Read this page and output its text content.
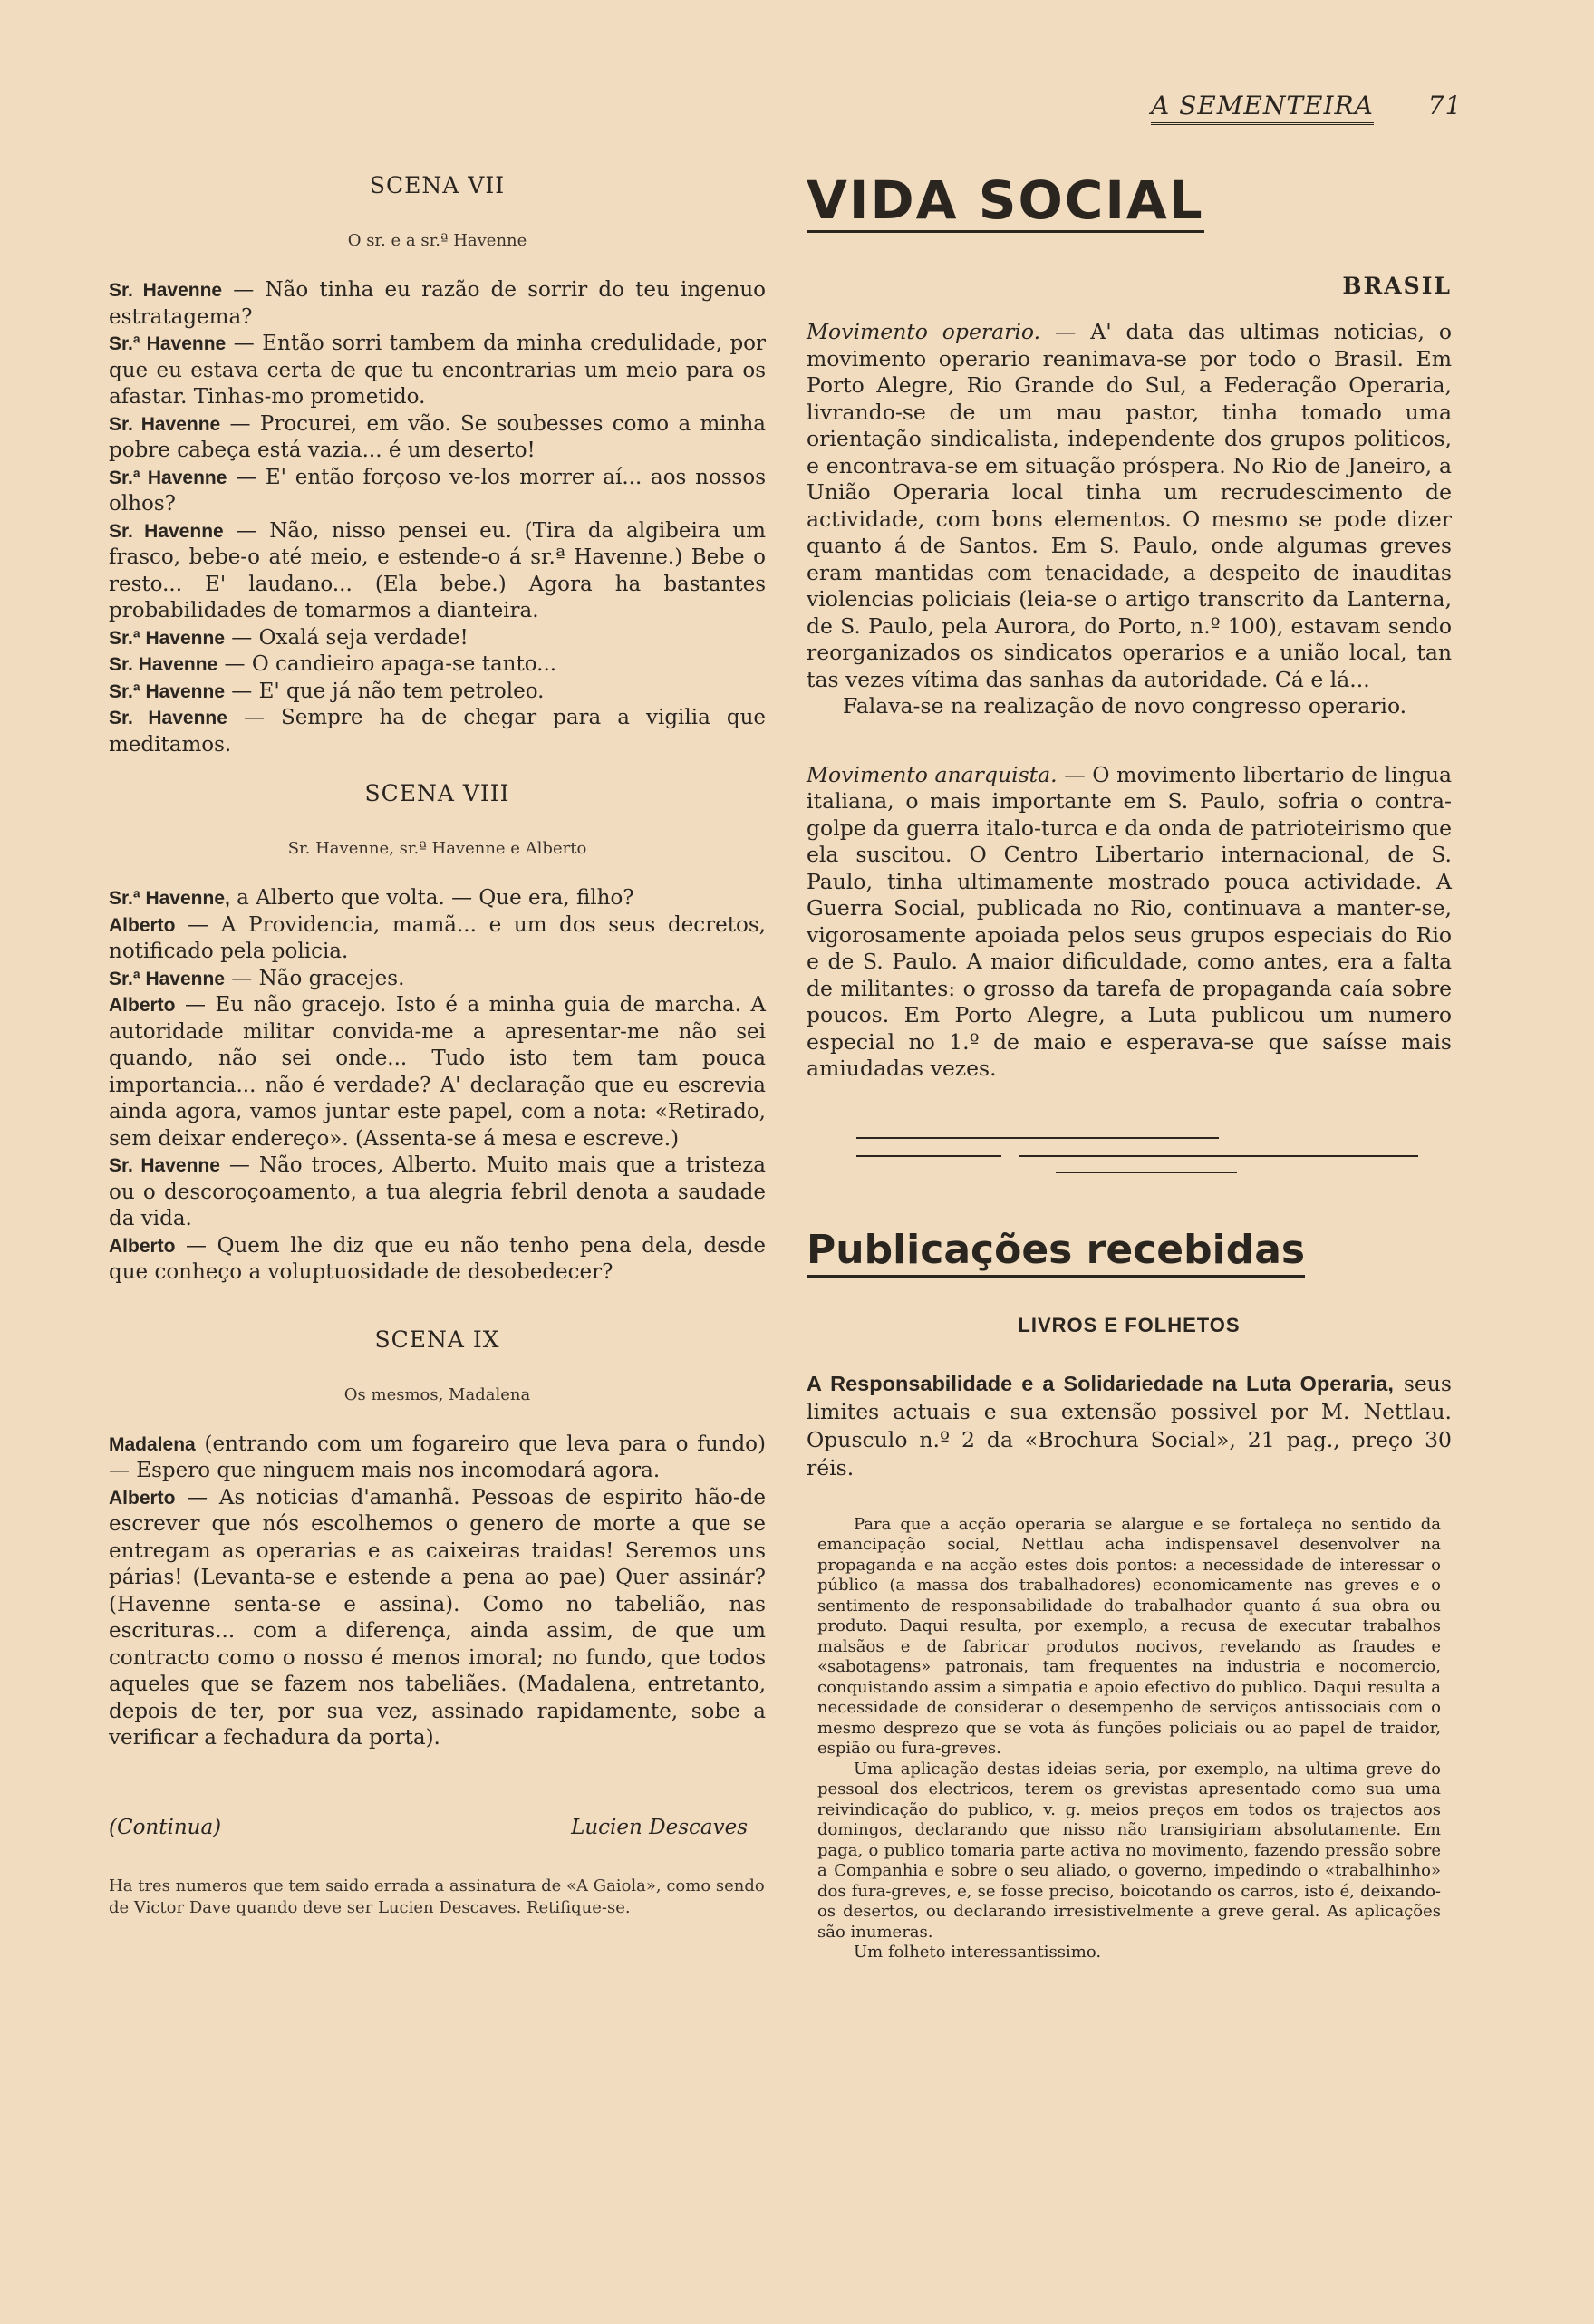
A SEMENTEIRA 71
SCENA VII
O sr. e a sr.ª Havenne

Sr. Havenne — Não tinha eu razão de sorrir do teu ingenuo estratagema?

Sr.ª Havenne — Então sorri tambem da minha credulidade, por que eu estava certa de que tu encontrarias um meio para os afastar. Tinhas-mo prometido.

Sr. Havenne — Procurei, em vão. Se soubesses como a minha pobre cabeça está vazia... é um deserto!

Sr.ª Havenne — E' então forçoso ve-los morrer aí... aos nossos olhos?

Sr. Havenne — Não, nisso pensei eu. (Tira da algibeira um frasco, bebe-o até meio, e estende-o á sr.ª Havenne.) Bebe o resto... E' laudano... (Ela bebe.) Agora ha bastantes probabilidades de tomarmos a dianteira.

Sr.ª Havenne — Oxalá seja verdade!

Sr. Havenne — O candieiro apaga-se tanto...

Sr.ª Havenne — E' que já não tem petroleo.

Sr. Havenne — Sempre ha de chegar para a vigilia que meditamos.

SCENA VIII
Sr. Havenne, sr.ª Havenne e Alberto

Sr.ª Havenne, a Alberto que volta. — Que era, filho?

Alberto — A Providencia, mamã... e um dos seus decretos, notificado pela policia.

Sr.ª Havenne — Não gracejes.

Alberto — Eu não gracejo. Isto é a minha guia de marcha. A autoridade militar convida-me a apresentar-me não sei quando, não sei onde... Tudo isto tem tam pouca importancia... não é verdade? A' declaração que eu escrevia ainda agora, vamos juntar este papel, com a nota: «Retirado, sem deixar endereço». (Assenta-se á mesa e escreve.)

Sr. Havenne — Não troces, Alberto. Muito mais que a tristeza ou o descoroçoamento, a tua alegria febril denota a saudade da vida.

Alberto — Quem lhe diz que eu não tenho pena dela, desde que conheço a voluptuosidade de desobedecer?

SCENA IX
Os mesmos, Madalena

Madalena (entrando com um fogareiro que leva para o fundo) — Espero que ninguem mais nos incomodará agora.

Alberto — As noticias d'amanhã. Pessoas de espirito hão-de escrever que nós escolhemos o genero de morte a que se entregam as operarias e as caixeiras traidas! Seremos uns párias! (Levanta-se e estende a pena ao pae) Quer assinár? (Havenne senta-se e assina). Como no tabelião, nas escrituras... com a diferença, ainda assim, de que um contracto como o nosso é menos imoral; no fundo, que todos aqueles que se fazem nos tabeliães. (Madalena, entretanto, depois de ter, por sua vez, assinado rapidamente, sobe a verificar a fechadura da porta).

(Continua)	Lucien Descaves

Ha tres numeros que tem saido errada a assinatura de «A Gaiola», como sendo de Victor Dave quando deve ser Lucien Descaves. Retifique-se.

VIDA SOCIAL
BRASIL

Movimento operario. — A' data das ultimas noticias, o movimento operario reanimava-se por todo o Brasil. Em Porto Alegre, Rio Grande do Sul, a Federação Operaria, livrando-se de um mau pastor, tinha tomado uma orientação sindicalista, independente dos grupos politicos, e encontrava-se em situação próspera. No Rio de Janeiro, a União Operaria local tinha um recrudescimento de actividade, com bons elementos. O mesmo se pode dizer quanto á de Santos. Em S. Paulo, onde algumas greves eram mantidas com tenacidade, a despeito de inauditas violencias policiais (leia-se o artigo transcrito da Lanterna, de S. Paulo, pela Aurora, do Porto, n.º 100), estavam sendo reorganizados os sindicatos operarios e a união local, tan tas vezes vítima das sanhas da autoridade. Cá e lá...

Falava-se na realização de novo congresso operario.

Movimento anarquista. — O movimento libertario de lingua italiana, o mais importante em S. Paulo, sofria o contra-golpe da guerra italo-turca e da onda de patrioteirismo que ela suscitou. O Centro Libertario internacional, de S. Paulo, tinha ultimamente mostrado pouca actividade. A Guerra Social, publicada no Rio, continuava a manter-se, vigorosamente apoiada pelos seus grupos especiais do Rio e de S. Paulo. A maior dificuldade, como antes, era a falta de militantes: o grosso da tarefa de propaganda caía sobre poucos. Em Porto Alegre, a Luta publicou um numero especial no 1.º de maio e esperava-se que saísse mais amiudadas vezes.

Publicações recebidas
LIVROS E FOLHETOS

A Responsabilidade e a Solidariedade na Luta Operaria, seus limites actuais e sua extensão possivel por M. Nettlau. Opusculo n.º 2 da «Brochura Social», 21 pag., preço 30 réis.

Para que a acção operaria se alargue e se fortaleça no sentido da emancipação social, Nettlau acha indispensavel desenvolver na propaganda e na acção estes dois pontos: a necessidade de interessar o público (a massa dos trabalhadores) economicamente nas greves e o sentimento de responsabilidade do trabalhador quanto á sua obra ou produto. Daqui resulta, por exemplo, a recusa de executar trabalhos malsãos e de fabricar produtos nocivos, revelando as fraudes e «sabotagens» patronais, tam frequentes na industria e nocomercio, conquistando assim a simpatia e apoio efectivo do publico. Daqui resulta a necessidade de considerar o desempenho de serviços antissociais com o mesmo desprezo que se vota ás funções policiais ou ao papel de traidor, espião ou fura-greves.

Uma aplicação destas ideias seria, por exemplo, na ultima greve do pessoal dos electricos, terem os grevistas apresentado como sua uma reivindicação do publico, v. g. meios preços em todos os trajectos aos domingos, declarando que nisso não transigiriam absolutamente. Em paga, o publico tomaria parte activa no movimento, fazendo pressão sobre a Companhia e sobre o seu aliado, o governo, impedindo o «trabalhinho» dos fura-greves, e, se fosse preciso, boicotando os carros, isto é, deixando-os desertos, ou declarando irresistivelmente a greve geral. As aplicações são inumeras.

Um folheto interessantissimo.
